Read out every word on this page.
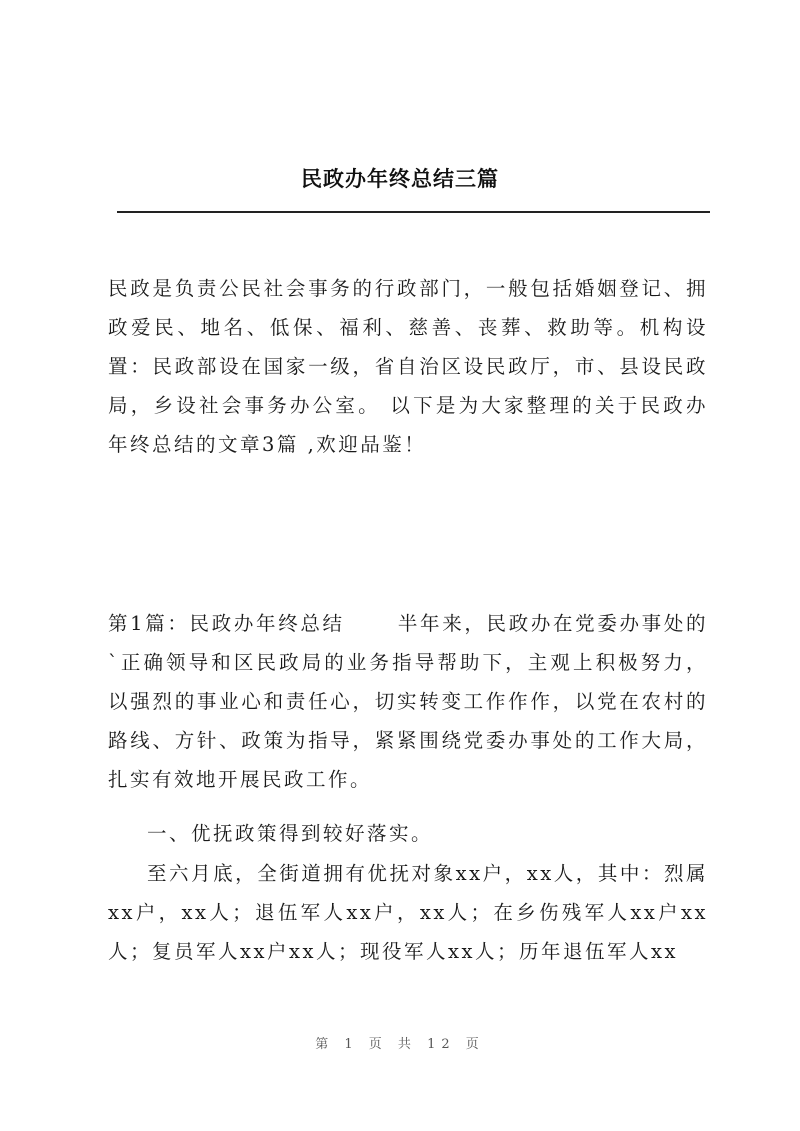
民政办年终总结三篇

民政是负责公民社会事务的行政部门，一般包括婚姻登记、拥政爱民、地名、低保、福利、慈善、丧葬、救助等。机构设置：民政部设在国家一级，省自治区设民政厅，市、县设民政局，乡设社会事务办公室。 以下是为大家整理的关于民政办年终总结的文章3篇 ,欢迎品鉴！

第1篇：民政办年终总结 　　半年来，民政办在党委办事处的`正确领导和区民政局的业务指导帮助下，主观上积极努力，以强烈的事业心和责任心，切实转变工作作作，以党在农村的路线、方针、政策为指导，紧紧围绕党委办事处的工作大局，扎实有效地开展民政工作。

一、优抚政策得到较好落实。

至六月底，全街道拥有优抚对象xx户，xx人，其中：烈属xx户，xx人；退伍军人xx户，xx人；在乡伤残军人xx户xx人；复员军人xx户xx人；现役军人xx人；历年退伍军人xx

第 1 页 共 12 页
